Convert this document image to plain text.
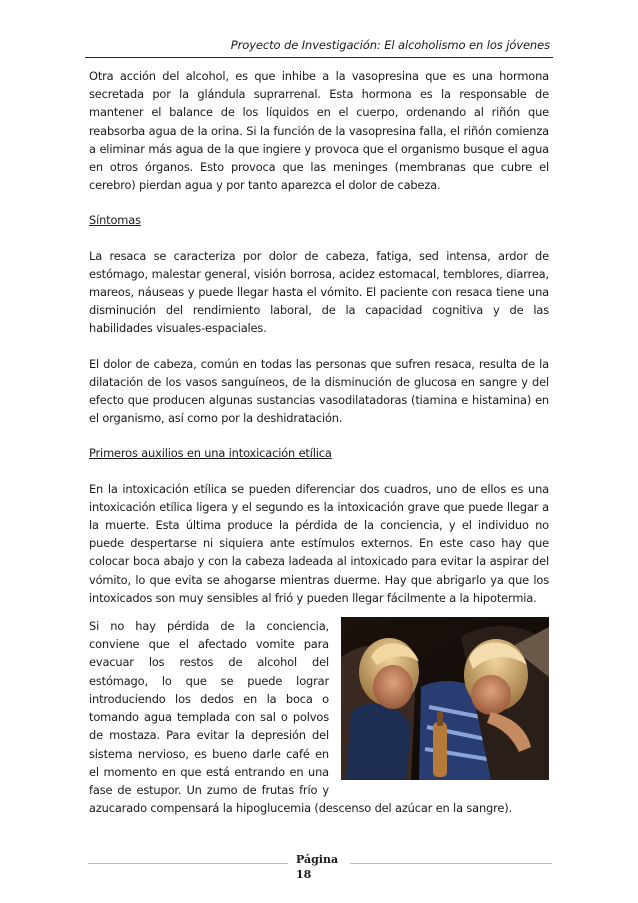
Proyecto de Investigación: El alcoholismo en los jóvenes

Otra acción del alcohol, es que inhibe a la vasopresina que es una hormona secretada por la glándula suprarrenal. Esta hormona es la responsable de mantener el balance de los líquidos en el cuerpo, ordenando al riñón que reabsorba agua de la orina. Si la función de la vasopresina falla, el riñón comienza a eliminar más agua de la que ingiere y provoca que el organismo busque el agua en otros órganos. Esto provoca que las meninges (membranas que cubre el cerebro) pierdan agua y por tanto aparezca el dolor de cabeza.

Síntomas

La resaca se caracteriza por dolor de cabeza, fatiga, sed intensa, ardor de estómago, malestar general, visión borrosa, acidez estomacal, temblores, diarrea, mareos, náuseas y puede llegar hasta el vómito. El paciente con resaca tiene una disminución del rendimiento laboral, de la capacidad cognitiva y de las habilidades visuales-espaciales.

El dolor de cabeza, común en todas las personas que sufren resaca, resulta de la dilatación de los vasos sanguíneos, de la disminución de glucosa en sangre y del efecto que producen algunas sustancias vasodilatadoras (tiamina e histamina) en el organismo, así como por la deshidratación.

Primeros auxilios en una intoxicación etílica

En la intoxicación etílica se pueden diferenciar dos cuadros, uno de ellos es una intoxicación etílica ligera y el segundo es la intoxicación grave que puede llegar a la muerte. Esta última produce la pérdida de la conciencia, y el individuo no puede despertarse ni siquiera ante estímulos externos. En este caso hay que colocar boca abajo y con la cabeza ladeada al intoxicado para evitar la aspirar del vómito, lo que evita se ahogarse mientras duerme. Hay que abrigarlo ya que los intoxicados son muy sensibles al frió y pueden llegar fácilmente a la hipotermia.

Si no hay pérdida de la conciencia, conviene que el afectado vomite para evacuar los restos de alcohol del estómago, lo que se puede lograr introduciendo los dedos en la boca o tomando agua templada con sal o polvos de mostaza. Para evitar la depresión del sistema nervioso, es bueno darle café en el momento en que está entrando en una fase de estupor. Un zumo de frutas frío y azucarado compensará la hipoglucemia (descenso del azúcar en la sangre).

Página
18
